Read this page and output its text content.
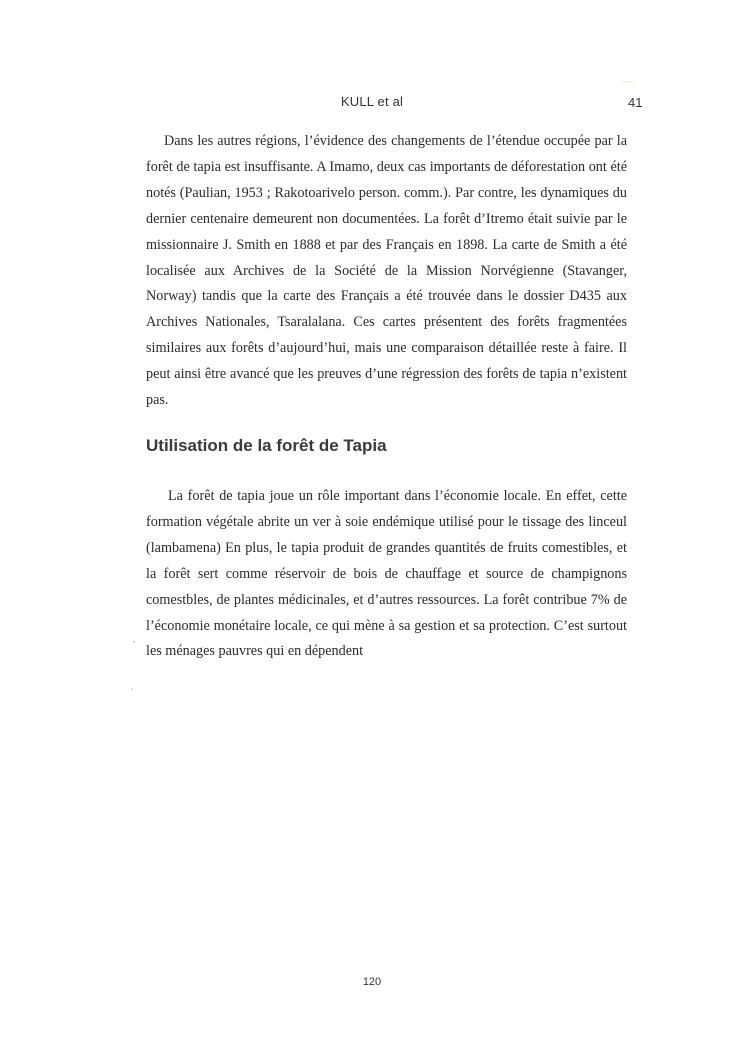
KULL et al	41

Dans les autres régions, l’évidence des changements de l’étendue occupée par la forêt de tapia est insuffisante. A Imamo, deux cas importants de déforestation ont été notés (Paulian, 1953 ; Rakotoarivelo person. comm.). Par contre, les dynamiques du dernier centenaire demeurent non documentées. La forêt d’Itremo était suivie par le missionnaire J. Smith en 1888 et par des Français en 1898. La carte de Smith a été localisée aux Archives de la Société de la Mission Norvégienne (Stavanger, Norway) tandis que la carte des Français a été trouvée dans le dossier D435 aux Archives Nationales, Tsaralalana. Ces cartes présentent des forêts fragmentées similaires aux forêts d’aujourd’hui, mais une comparaison détaillée reste à faire. Il peut ainsi être avancé que les preuves d’une régression des forêts de tapia n’existent pas.

Utilisation de la forêt de Tapia

La forêt de tapia joue un rôle important dans l’économie locale. En effet, cette formation végétale abrite un ver à soie endémique utilisé pour le tissage des linceul (lambamena) En plus, le tapia produit de grandes quantités de fruits comestibles, et la forêt sert comme réservoir de bois de chauffage et source de champignons comestbles, de plantes médicinales, et d’autres ressources. La forêt contribue 7% de l’économie monétaire locale, ce qui mène à sa gestion et sa protection. C’est surtout les ménages pauvres qui en dépendent

120
